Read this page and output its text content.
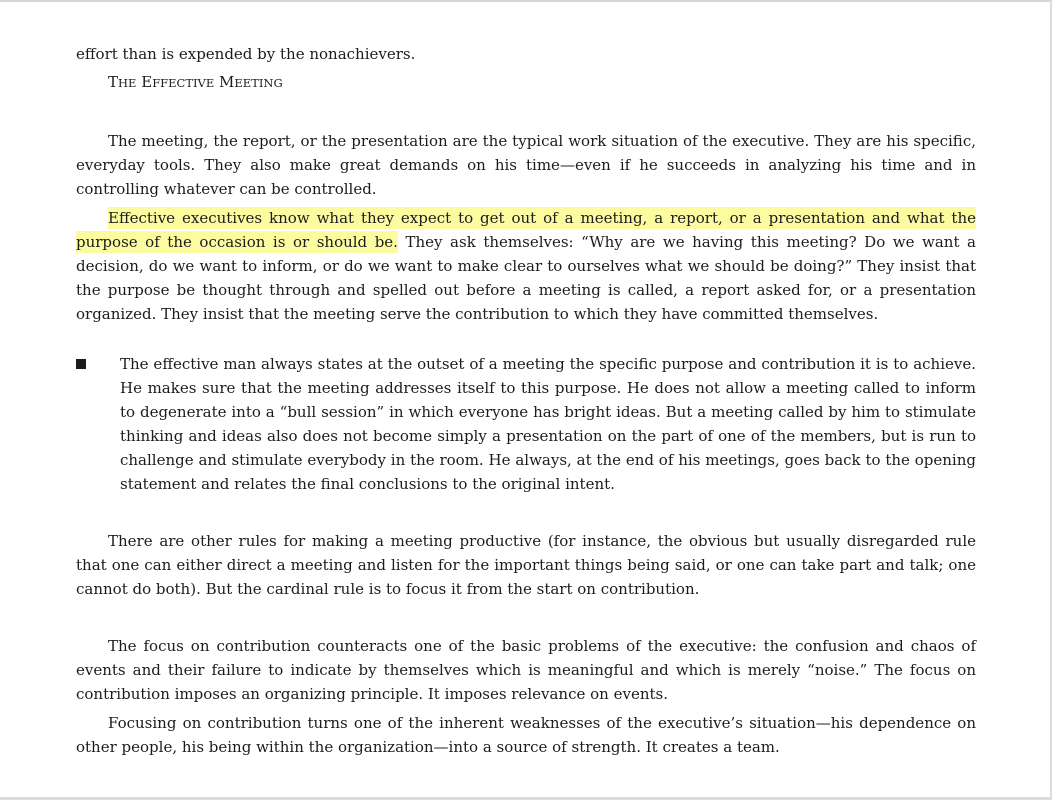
effort than is expended by the nonachievers.

THE EFFECTIVE MEETING

The meeting, the report, or the presentation are the typical work situation of the executive. They are his specific, everyday tools. They also make great demands on his time—even if he succeeds in analyzing his time and in controlling whatever can be controlled.

Effective executives know what they expect to get out of a meeting, a report, or a presentation and what the purpose of the occasion is or should be. They ask themselves: “Why are we having this meeting? Do we want a decision, do we want to inform, or do we want to make clear to ourselves what we should be doing?” They insist that the purpose be thought through and spelled out before a meeting is called, a report asked for, or a presentation organized. They insist that the meeting serve the contribution to which they have committed themselves.

The effective man always states at the outset of a meeting the specific purpose and contribution it is to achieve. He makes sure that the meeting addresses itself to this purpose. He does not allow a meeting called to inform to degenerate into a “bull session” in which everyone has bright ideas. But a meeting called by him to stimulate thinking and ideas also does not become simply a presentation on the part of one of the members, but is run to challenge and stimulate everybody in the room. He always, at the end of his meetings, goes back to the opening statement and relates the final conclusions to the original intent.

There are other rules for making a meeting productive (for instance, the obvious but usually disregarded rule that one can either direct a meeting and listen for the important things being said, or one can take part and talk; one cannot do both). But the cardinal rule is to focus it from the start on contribution.

The focus on contribution counteracts one of the basic problems of the executive: the confusion and chaos of events and their failure to indicate by themselves which is meaningful and which is merely “noise.” The focus on contribution imposes an organizing principle. It imposes relevance on events.

Focusing on contribution turns one of the inherent weaknesses of the executive’s situation—his dependence on other people, his being within the organization—into a source of strength. It creates a team.
